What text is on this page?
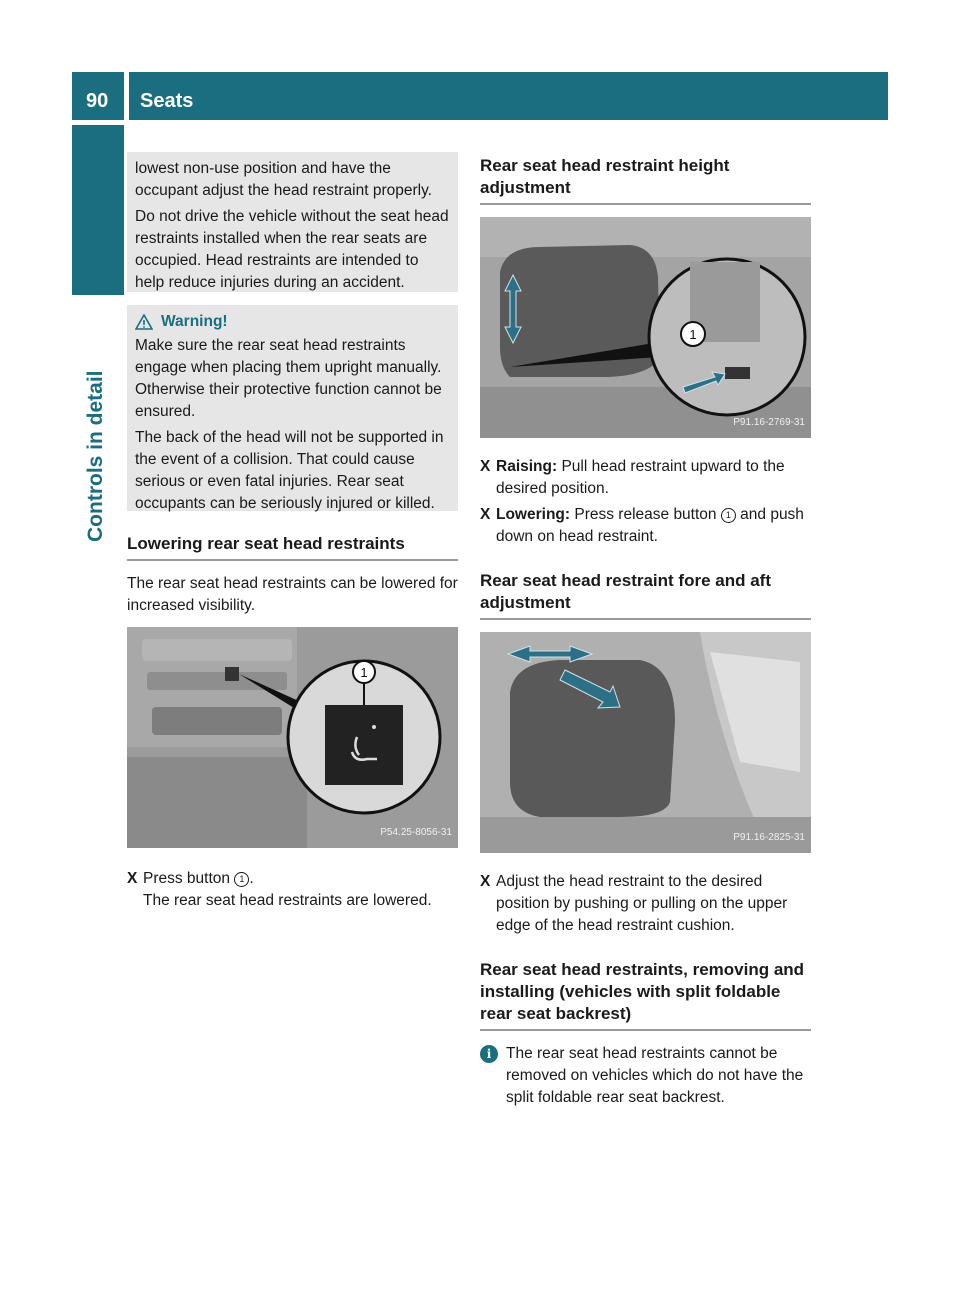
90 Seats
Controls in detail

lowest non-use position and have the occupant adjust the head restraint properly.

Do not drive the vehicle without the seat head restraints installed when the rear seats are occupied. Head restraints are intended to help reduce injuries during an accident.

Warning!

Make sure the rear seat head restraints engage when placing them upright manually. Otherwise their protective function cannot be ensured.

The back of the head will not be supported in the event of a collision. That could cause serious or even fatal injuries. Rear seat occupants can be seriously injured or killed.

Lowering rear seat head restraints

The rear seat head restraints can be lowered for increased visibility.

1
P54.25-8056-31
X Press button 1 .
The rear seat head restraints are lowered.
Rear seat head restraint height adjustment
1
P91.16-2769-31
X Raising: Pull head restraint upward to the desired position.
X Lowering: Press release button 1 and push down on head restraint.
Rear seat head restraint fore and aft adjustment
P91.16-2825-31
X Adjust the head restraint to the desired position by pushing or pulling on the upper edge of the head restraint cushion.
Rear seat head restraints, removing and installing (vehicles with split foldable rear seat backrest)
i The rear seat head restraints cannot be removed on vehicles which do not have the split foldable rear seat backrest.
